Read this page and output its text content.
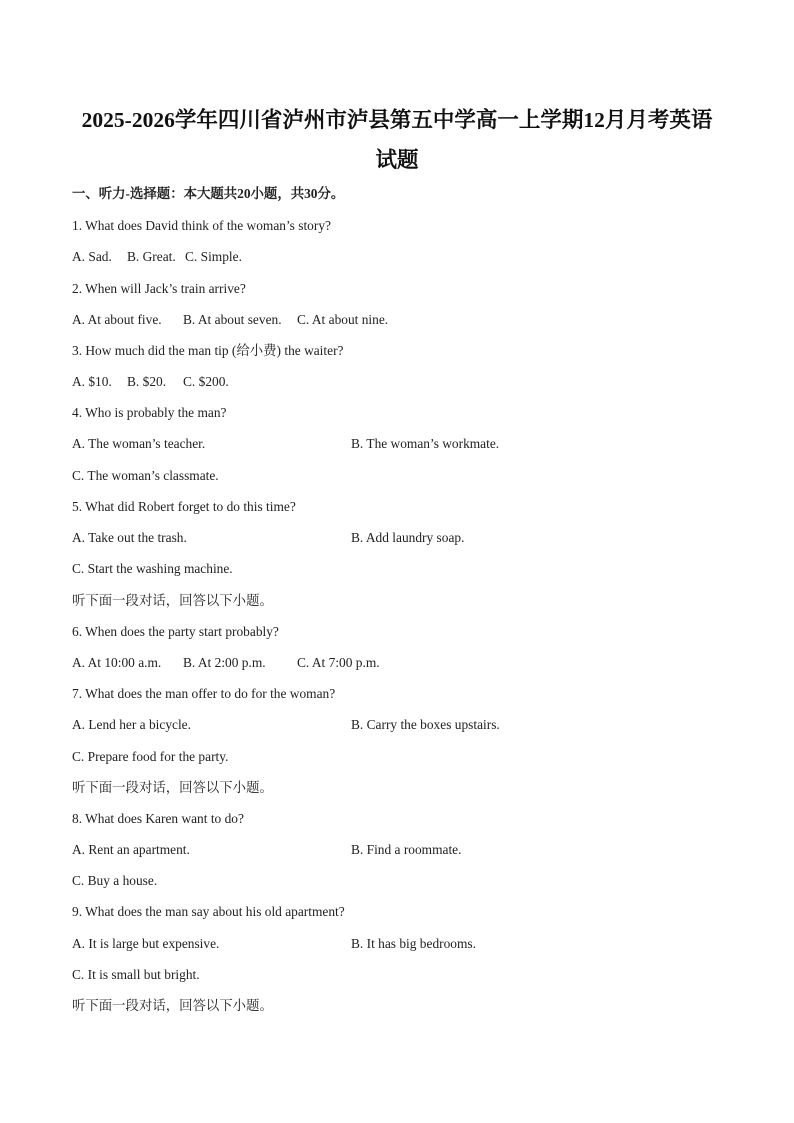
2025-2026学年四川省泸州市泸县第五中学高一上学期12月月考英语
试题
一、听力-选择题：本大题共20小题，共30分。
1. What does David think of the woman’s story?
A. Sad. B. Great. C. Simple.
2. When will Jack’s train arrive?
A. At about five. B. At about seven. C. At about nine.
3. How much did the man tip (给小费) the waiter?
A. $10. B. $20. C. $200.
4. Who is probably the man?
A. The woman’s teacher.	B. The woman’s workmate.
C. The woman’s classmate.
5. What did Robert forget to do this time?
A. Take out the trash.	B. Add laundry soap.
C. Start the washing machine.
听下面一段对话，回答以下小题。
6. When does the party start probably?
A. At 10:00 a.m. B. At 2:00 p.m. C. At 7:00 p.m.
7. What does the man offer to do for the woman?
A. Lend her a bicycle.	B. Carry the boxes upstairs.
C. Prepare food for the party.
听下面一段对话，回答以下小题。
8. What does Karen want to do?
A. Rent an apartment.	B. Find a roommate.
C. Buy a house.
9. What does the man say about his old apartment?
A. It is large but expensive.	B. It has big bedrooms.
C. It is small but bright.
听下面一段对话，回答以下小题。
